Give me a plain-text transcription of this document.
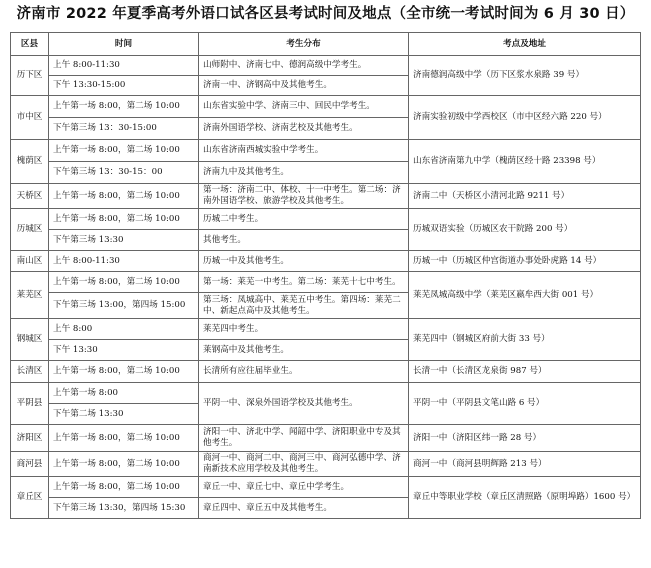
济南市 2022 年夏季高考外语口试各区县考试时间及地点（全市统一考试时间为 6 月 30 日）
区县	时间	考生分布	考点及地址
历下区	上午 8:00-11:30	山师附中、济南七中、德润高级中学考生。	济南德润高级中学（历下区浆水泉路 39 号）
	下午 13:30-15:00	济南一中、济钢高中及其他考生。	
市中区	上午第一场 8:00，第二场 10:00	山东省实验中学、济南三中、回民中学考生。	济南实验初级中学西校区（市中区经六路 220 号）
	下午第三场 13：30-15:00	济南外国语学校、济南艺校及其他考生。	
槐荫区	上午第一场 8:00，第二场 10:00	山东省济南西城实验中学考生。	山东省济南第九中学（槐荫区经十路 23398 号）
	下午第三场 13：30-15：00	济南九中及其他考生。	
天桥区	上午第一场 8:00，第二场 10:00	第一场：济南二中、体校、十一中考生。第二场：济南外国语学校、旅游学校及其他考生。	济南二中（天桥区小清河北路 9211 号）
历城区	上午第一场 8:00，第二场 10:00	历城二中考生。	历城双语实验（历城区农干院路 200 号）
	下午第三场 13:30	其他考生。	
南山区	上午 8:00-11:30	历城一中及其他考生。	历城一中（历城区仲宫街道办事处卧虎路 14 号）
莱芜区	上午第一场 8:00，第二场 10:00	第一场：莱芜一中考生。第二场：莱芜十七中考生。	莱芜凤城高级中学（莱芜区嬴牟西大街 001 号）
	下午第三场 13:00，第四场 15:00	第三场：凤城高中、莱芜五中考生。第四场：莱芜二中、新起点高中及其他考生。	
钢城区	上午 8:00	莱芜四中考生。	莱芜四中（钢城区府前大街 33 号）
	下午 13:30	莱钢高中及其他考生。	
长清区	上午第一场 8:00，第二场 10:00	长清所有应往届毕业生。	长清一中（长清区龙泉街 987 号）
平阴县	上午第一场 8:00	平阴一中、深泉外国语学校及其他考生。	平阴一中（平阴县文笔山路 6 号）
	下午第二场 13:30		
济阳区	上午第一场 8:00，第二场 10:00	济阳一中、济北中学、闻韶中学、济阳职业中专及其他考生。	济阳一中（济阳区纬一路 28 号）
商河县	上午第一场 8:00，第二场 10:00	商河一中、商河二中、商河三中、商河弘德中学、济南新技术应用学校及其他考生。	商河一中（商河县明辉路 213 号）
章丘区	上午第一场 8:00，第二场 10:00	章丘一中、章丘七中、章丘中学考生。	章丘中等职业学校（章丘区清照路（原明埠路）1600 号）
	下午第三场 13:30，第四场 15:30	章丘四中、章丘五中及其他考生。	
